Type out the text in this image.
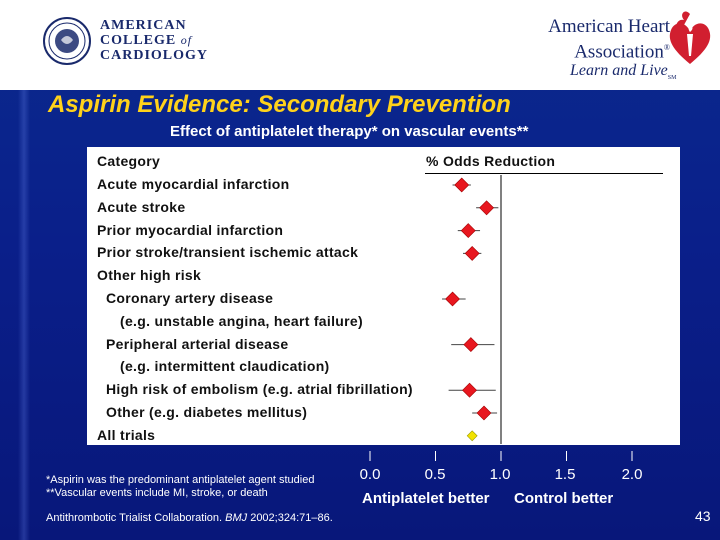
AMERICAN
COLLEGE of
CARDIOLOGY
American Heart
Association®
Learn and Live$_{SM}$
Aspirin Evidence: Secondary Prevention
Effect of antiplatelet therapy* on vascular events**
Category	% Odds Reduction
Acute myocardial infarction
Acute stroke
Prior myocardial infarction
Prior stroke/transient ischemic attack
Other high risk
Coronary artery disease
(e.g. unstable angina, heart failure)
Peripheral arterial disease
(e.g. intermittent claudication)
High risk of embolism (e.g. atrial fibrillation)
Other (e.g. diabetes mellitus)
All trials
0.0	0.5	1.0	1.5	2.0
Antiplatelet better Control better
*Aspirin was the predominant antiplatelet agent studied
**Vascular events include MI, stroke, or death
Antithrombotic Trialist Collaboration. BMJ 2002;324:71–86.	43
